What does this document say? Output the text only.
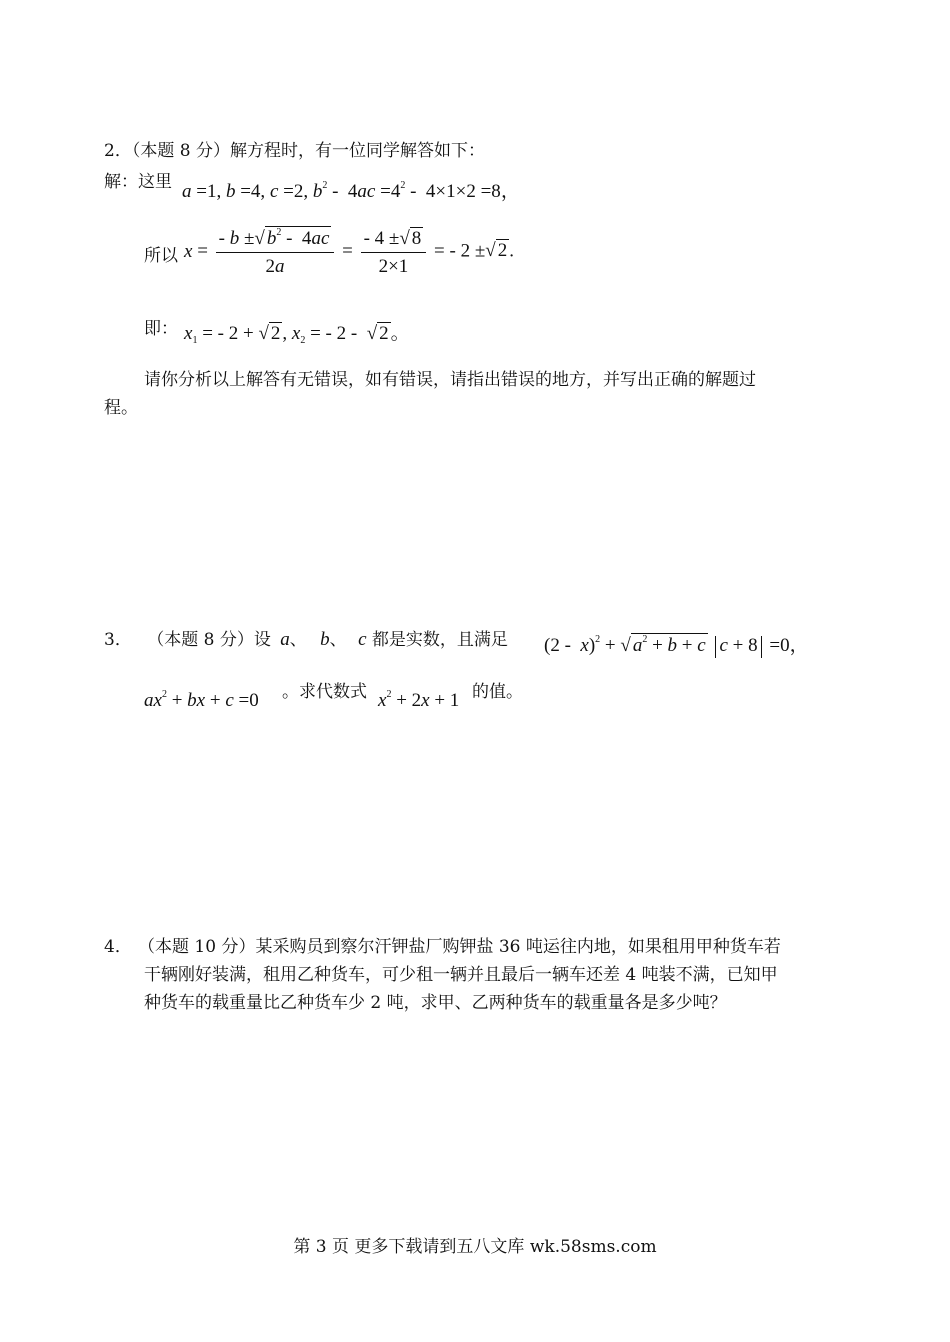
2．（本题 8 分）解方程时，有一位同学解答如下：
解：这里 a =1, b =4, c =2, $b^2 - 4ac =4^2 - 4\times 1\times 2 =8$，
所以 $x = \frac{- b \pm√ b^2 - 4ac}{2a} = \frac{- 4 \pm√ 8}{2\times 1}$ = - 2 ±√ 2 .
即： $x_1$ = - 2 + √ 2 , $x_2$ = - 2 -  √ 2 。
请你分析以上解答有无错误，如有错误，请指出错误的地方，并写出正确的解题过
程。
3． （本题 8 分）设 a、 b、 c 都是实数，且满足 (2 -  x)$^2$ + √ $a^2 + b + c$ c + 8 =0，
$ax^2$ + bx + c =0 。求代数式 $x^2 + 2x + 1$ 的值。
4． （本题 10 分）某采购员到察尔汗钾盐厂购钾盐 36 吨运往内地，如果租用甲种货车若
干辆刚好装满，租用乙种货车，可少租一辆并且最后一辆车还差 4 吨装不满，已知甲
种货车的载重量比乙种货车少 2 吨，求甲、乙两种货车的载重量各是多少吨？
第 3 页 更多下载请到五八文库 wk.58sms.com
